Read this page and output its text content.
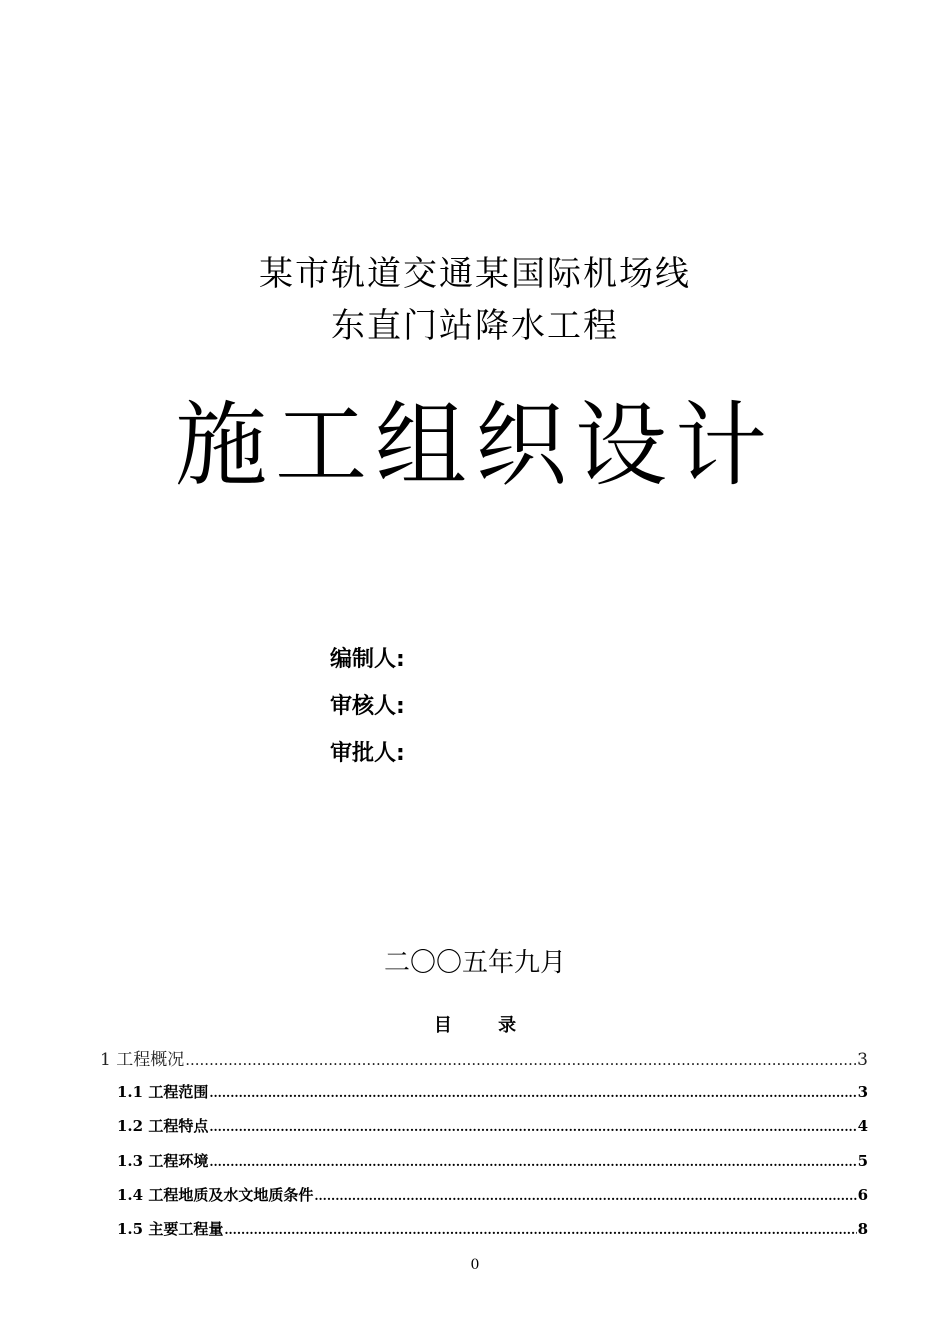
某市轨道交通某国际机场线
东直门站降水工程
施工组织设计
编制人:
审核人:
审批人:
二〇〇五年九月
目 录
1 工程概况 .....	3
1.1 工程范围 .....	3
1.2 工程特点 .....	4
1.3 工程环境 .....	5
1.4 工程地质及水文地质条件 .....	6
1.5 主要工程量 .....	8
0
